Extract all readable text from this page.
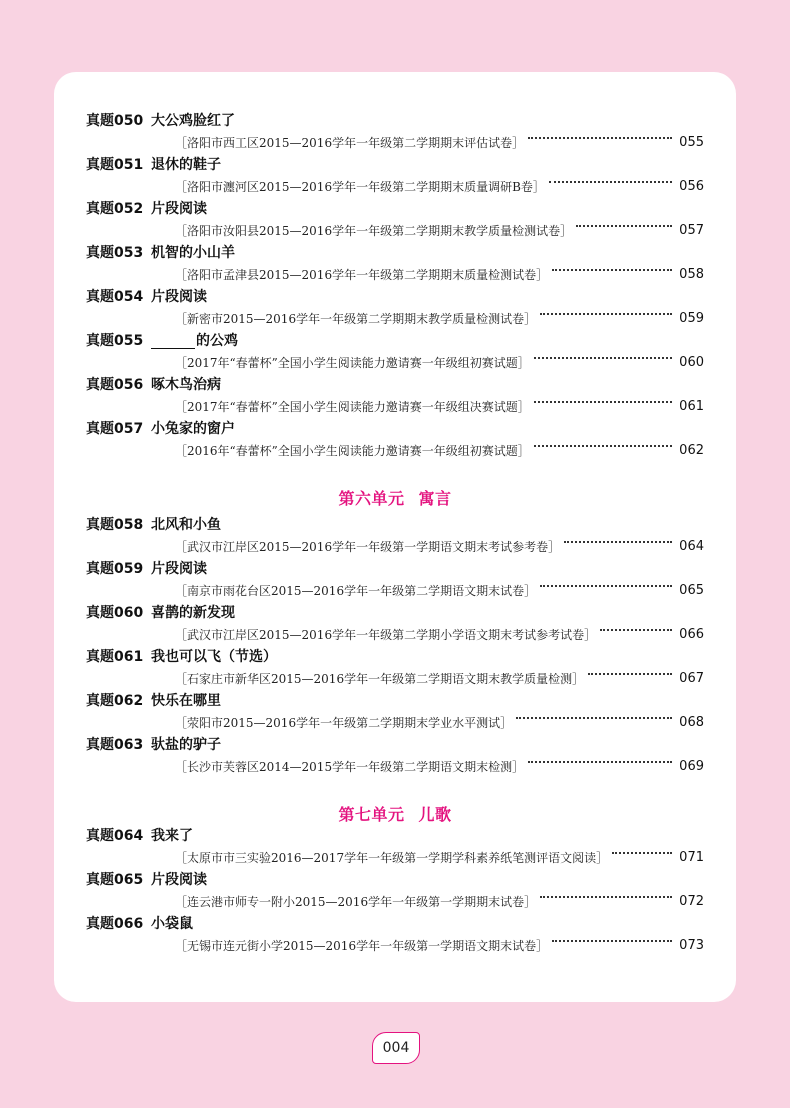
真题050 大公鸡脸红了
［洛阳市西工区2015—2016学年一年级第二学期期末评估试卷］	055
真题051 退休的鞋子
［洛阳市瀍河区2015—2016学年一年级第二学期期末质量调研B卷］	056
真题052 片段阅读
［洛阳市汝阳县2015—2016学年一年级第二学期期末教学质量检测试卷］	057
真题053 机智的小山羊
［洛阳市孟津县2015—2016学年一年级第二学期期末质量检测试卷］	058
真题054 片段阅读
［新密市2015—2016学年一年级第二学期期末教学质量检测试卷］	059
真题055	的公鸡
［2017年“春蕾杯”全国小学生阅读能力邀请赛一年级组初赛试题］	060
真题056 啄木鸟治病
［2017年“春蕾杯”全国小学生阅读能力邀请赛一年级组决赛试题］	061
真题057 小兔家的窗户
［2016年“春蕾杯”全国小学生阅读能力邀请赛一年级组初赛试题］	062
第六单元 寓言
真题058 北风和小鱼
［武汉市江岸区2015—2016学年一年级第一学期语文期末考试参考卷］	064
真题059 片段阅读
［南京市雨花台区2015—2016学年一年级第二学期语文期末试卷］	065
真题060 喜鹊的新发现
［武汉市江岸区2015—2016学年一年级第二学期小学语文期末考试参考试卷］	066
真题061 我也可以飞（节选）
［石家庄市新华区2015—2016学年一年级第二学期语文期末教学质量检测］	067
真题062 快乐在哪里
［荥阳市2015—2016学年一年级第二学期期末学业水平测试］	068
真题063 驮盐的驴子
［长沙市芙蓉区2014—2015学年一年级第二学期语文期末检测］	069
第七单元 儿歌
真题064 我来了
［太原市市三实验2016—2017学年一年级第一学期学科素养纸笔测评语文阅读］	071
真题065 片段阅读
［连云港市师专一附小2015—2016学年一年级第一学期期末试卷］	072
真题066 小袋鼠
［无锡市连元街小学2015—2016学年一年级第一学期语文期末试卷］	073
004
